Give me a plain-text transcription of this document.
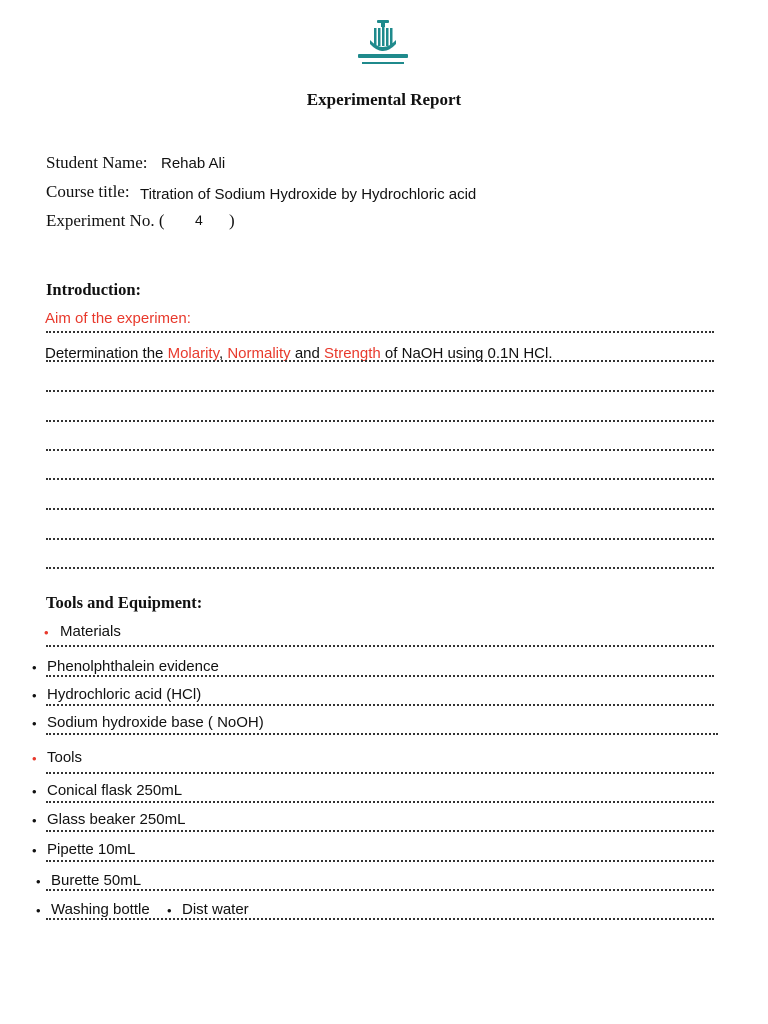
Experimental Report
Student Name: Rehab Ali
Course title: Titration of Sodium Hydroxide by Hydrochloric acid
Experiment No. ( 4 )
Introduction:
Aim of the experimen:
Determination the Molarity, Normality and Strength of NaOH using 0.1N HCl.
Tools and Equipment:
• Materials
• Phenolphthalein evidence
• Hydrochloric acid (HCl)
• Sodium hydroxide base ( NoOH)
• Tools
• Conical flask 250mL
• Glass beaker 250mL
• Pipette 10mL
• Burette 50mL
• Washing bottle • Dist water
